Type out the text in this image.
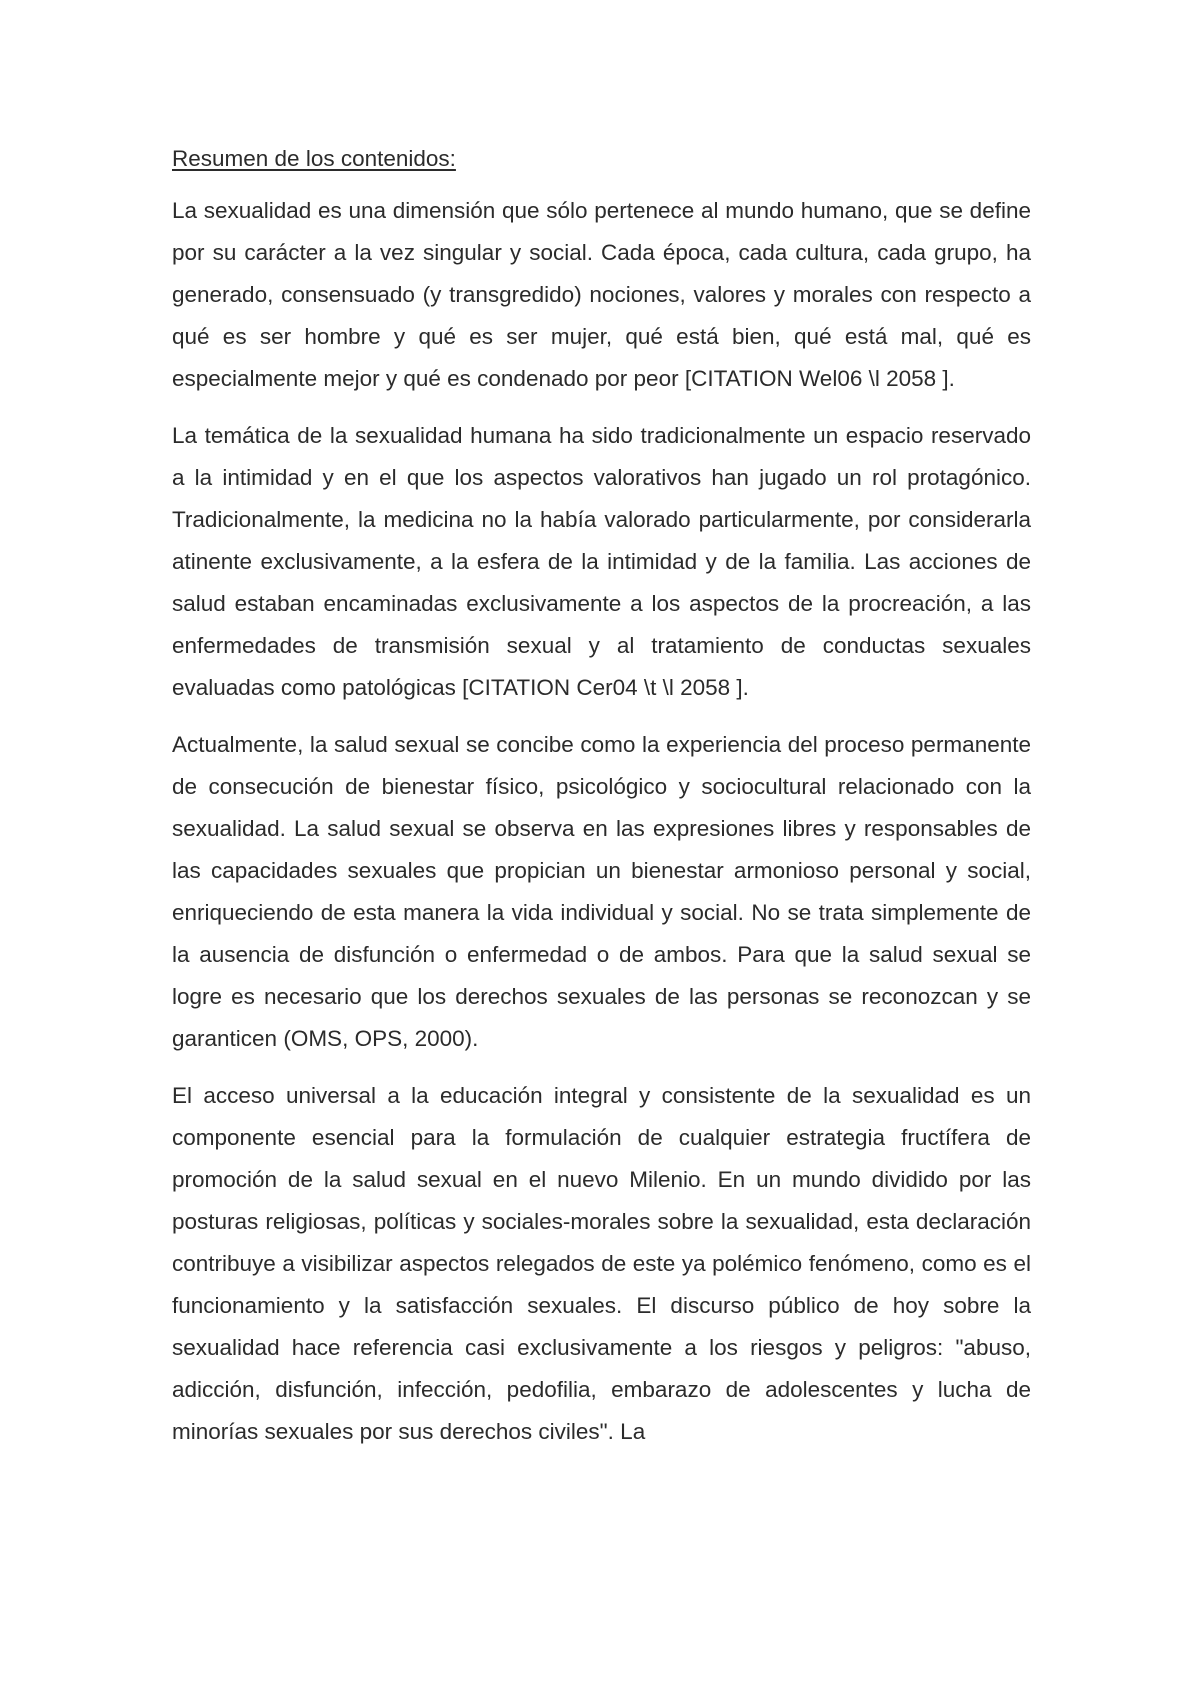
Resumen de los contenidos:

La sexualidad es una dimensión que sólo pertenece al mundo humano, que se define por su carácter a la vez singular y social. Cada época, cada cultura, cada grupo, ha generado, consensuado (y transgredido) nociones, valores y morales con respecto a qué es ser hombre y qué es ser mujer, qué está bien, qué está mal, qué es especialmente mejor y qué es condenado por peor [CITATION Wel06 \l 2058 ].

La temática de la sexualidad humana ha sido tradicionalmente un espacio reservado a la intimidad y en el que los aspectos valorativos han jugado un rol protagónico. Tradicionalmente, la medicina no la había valorado particularmente, por considerarla atinente exclusivamente, a la esfera de la intimidad y de la familia. Las acciones de salud estaban encaminadas exclusivamente a los aspectos de la procreación, a las enfermedades de transmisión sexual y al tratamiento de conductas sexuales evaluadas como patológicas [CITATION Cer04 \t \l 2058 ].

Actualmente, la salud sexual se concibe como la experiencia del proceso permanente de consecución de bienestar físico, psicológico y sociocultural relacionado con la sexualidad. La salud sexual se observa en las expresiones libres y responsables de las capacidades sexuales que propician un bienestar armonioso personal y social, enriqueciendo de esta manera la vida individual y social. No se trata simplemente de la ausencia de disfunción o enfermedad o de ambos. Para que la salud sexual se logre es necesario que los derechos sexuales de las personas se reconozcan y se garanticen (OMS, OPS, 2000).

El acceso universal a la educación integral y consistente de la sexualidad es un componente esencial para la formulación de cualquier estrategia fructífera de promoción de la salud sexual en el nuevo Milenio. En un mundo dividido por las posturas religiosas, políticas y sociales-morales sobre la sexualidad, esta declaración contribuye a visibilizar aspectos relegados de este ya polémico fenómeno, como es el funcionamiento y la satisfacción sexuales. El discurso público de hoy sobre la sexualidad hace referencia casi exclusivamente a los riesgos y peligros: "abuso, adicción, disfunción, infección, pedofilia, embarazo de adolescentes y lucha de minorías sexuales por sus derechos civiles". La
